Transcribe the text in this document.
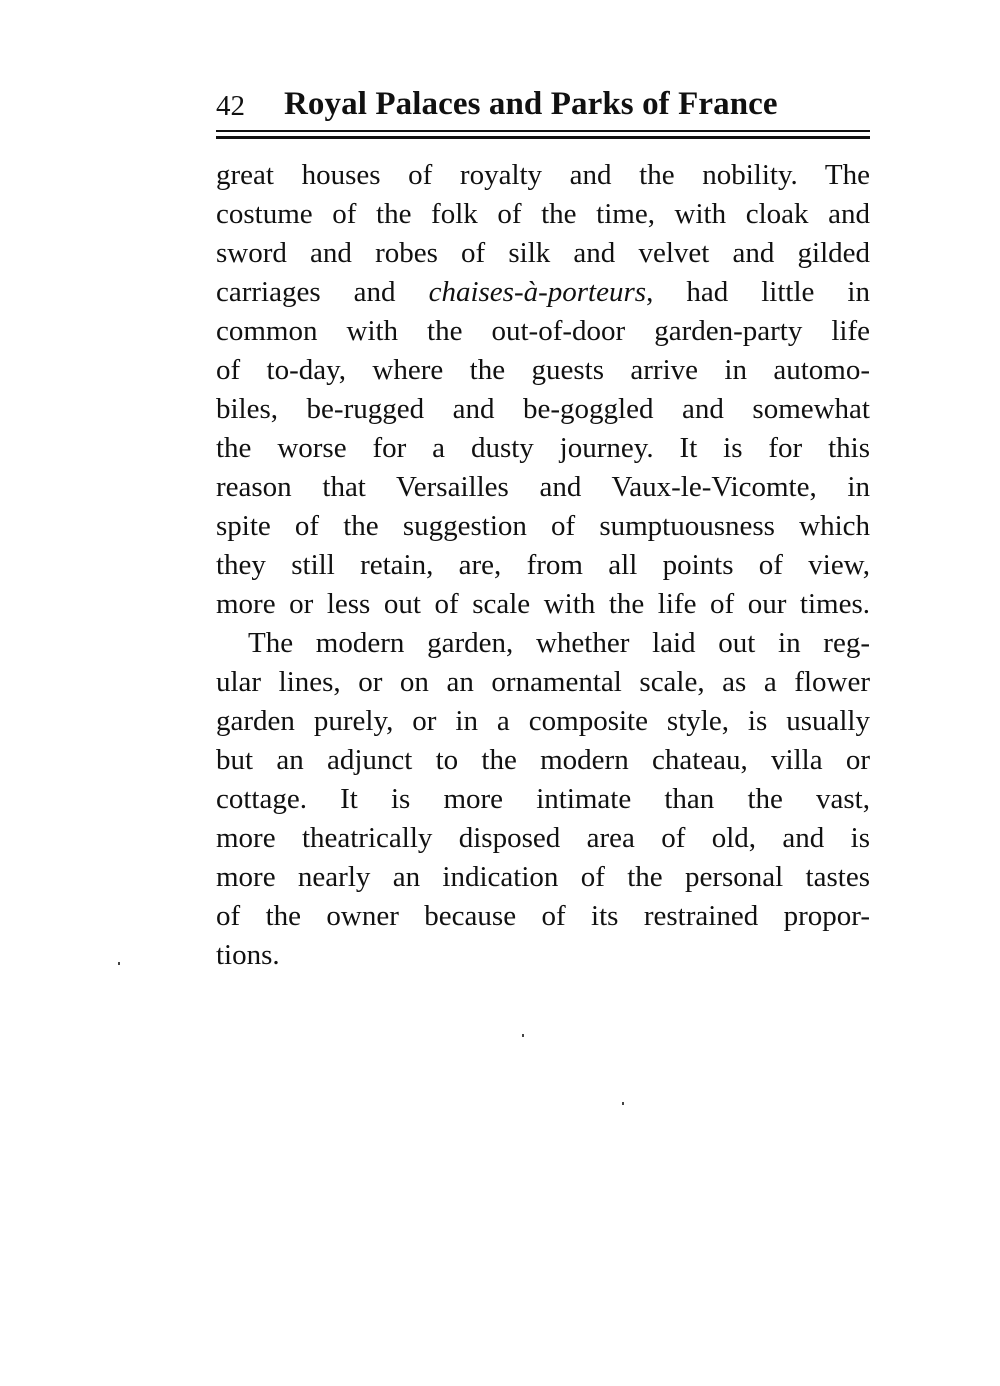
42 Royal Palaces and Parks of France
great houses of royalty and the nobility. The
costume of the folk of the time, with cloak and
sword and robes of silk and velvet and gilded
carriages and chaises-à-porteurs, had little in
common with the out-of-door garden-party life
of to-day, where the guests arrive in automo-
biles, be-rugged and be-goggled and somewhat
the worse for a dusty journey. It is for this
reason that Versailles and Vaux-le-Vicomte, in
spite of the suggestion of sumptuousness which
they still retain, are, from all points of view,
more or less out of scale with the life of our times.
The modern garden, whether laid out in reg-
ular lines, or on an ornamental scale, as a flower
garden purely, or in a composite style, is usually
but an adjunct to the modern chateau, villa or
cottage. It is more intimate than the vast,
more theatrically disposed area of old, and is
more nearly an indication of the personal tastes
of the owner because of its restrained propor-
tions.
